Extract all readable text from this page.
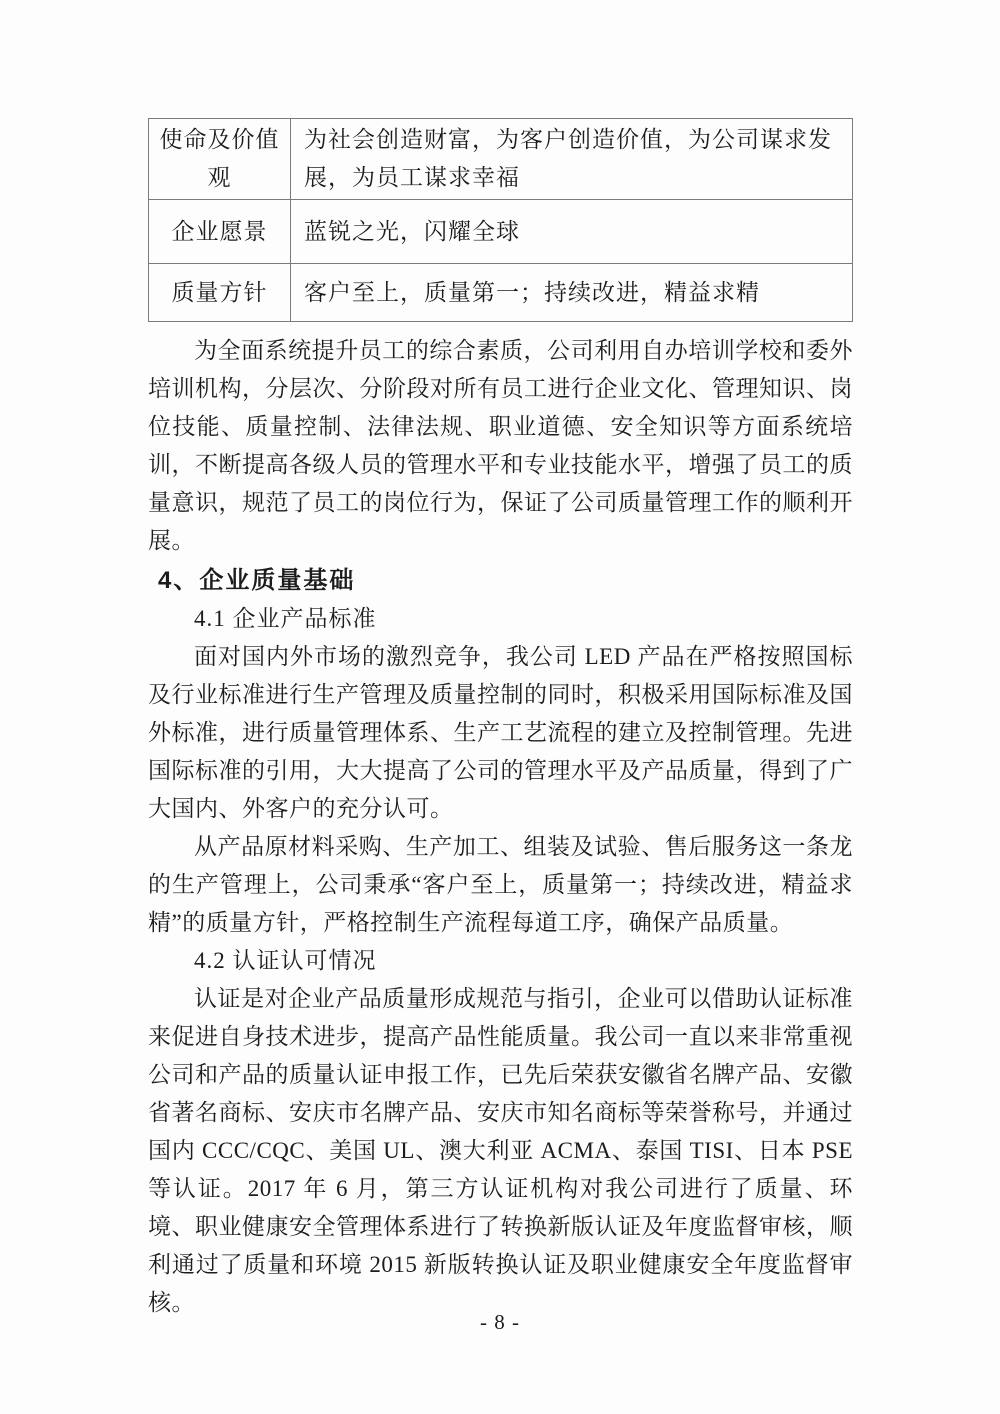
使命及价值观	为社会创造财富，为客户创造价值，为公司谋求发展，为员工谋求幸福
企业愿景	蓝锐之光，闪耀全球
质量方针	客户至上，质量第一；持续改进，精益求精

为全面系统提升员工的综合素质，公司利用自办培训学校和委外培训机构，分层次、分阶段对所有员工进行企业文化、管理知识、岗位技能、质量控制、法律法规、职业道德、安全知识等方面系统培训，不断提高各级人员的管理水平和专业技能水平，增强了员工的质量意识，规范了员工的岗位行为，保证了公司质量管理工作的顺利开展。

4、企业质量基础
4.1 企业产品标准

面对国内外市场的激烈竞争，我公司 LED 产品在严格按照国标及行业标准进行生产管理及质量控制的同时，积极采用国际标准及国外标准，进行质量管理体系、生产工艺流程的建立及控制管理。先进国际标准的引用，大大提高了公司的管理水平及产品质量，得到了广大国内、外客户的充分认可。

从产品原材料采购、生产加工、组装及试验、售后服务这一条龙的生产管理上，公司秉承“客户至上，质量第一；持续改进，精益求精”的质量方针，严格控制生产流程每道工序，确保产品质量。

4.2 认证认可情况

认证是对企业产品质量形成规范与指引，企业可以借助认证标准来促进自身技术进步，提高产品性能质量。我公司一直以来非常重视公司和产品的质量认证申报工作，已先后荣获安徽省名牌产品、安徽省著名商标、安庆市名牌产品、安庆市知名商标等荣誉称号，并通过国内 CCC/CQC、美国 UL、澳大利亚 ACMA、泰国 TISI、日本 PSE 等认证。2017 年 6 月，第三方认证机构对我公司进行了质量、环境、职业健康安全管理体系进行了转换新版认证及年度监督审核，顺利通过了质量和环境 2015 新版转换认证及职业健康安全年度监督审核。

- 8 -
